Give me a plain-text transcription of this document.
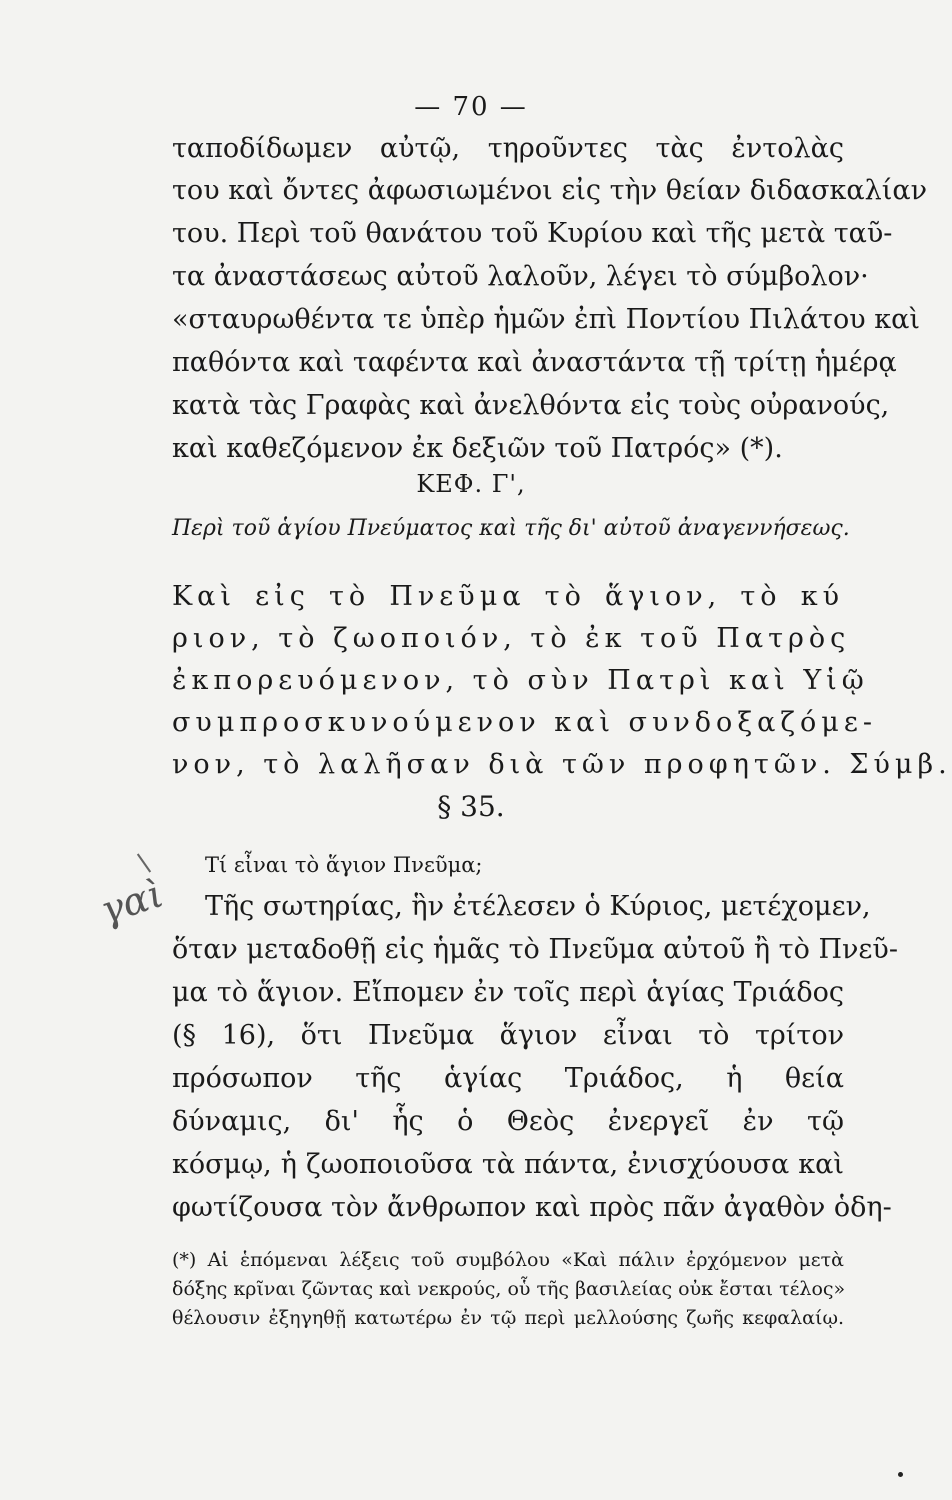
— 70 —
ταποδίδωμεν αὐτῷ, τηροῦντες τὰς ἐντολὰς
του καὶ ὄντες ἀφωσιωμένοι εἰς τὴν θείαν διδασκαλίαν
του. Περὶ τοῦ θανάτου τοῦ Κυρίου καὶ τῆς μετὰ ταῦ-
τα ἀναστάσεως αὐτοῦ λαλοῦν, λέγει τὸ σύμβολον·
«σταυρωθέντα τε ὑπὲρ ἡμῶν ἐπὶ Ποντίου Πιλάτου καὶ
παθόντα καὶ ταφέντα καὶ ἀναστάντα τῇ τρίτῃ ἡμέρᾳ
κατὰ τὰς Γραφὰς καὶ ἀνελθόντα εἰς τοὺς οὐρανούς,
καὶ καθεζόμενον ἐκ δεξιῶν τοῦ Πατρός» (*).
ΚΕΦ. Γ',
Περὶ τοῦ ἁγίου Πνεύματος καὶ τῆς δι' αὐτοῦ ἀναγεννήσεως.
Καὶ εἰς τὸ Πνεῦμα τὸ ἅγιον, τὸ κύ
ριον, τὸ ζωοποιόν, τὸ ἐκ τοῦ Πατρὸς
ἐκπορευόμενον, τὸ σὺν Πατρὶ καὶ Υἱῷ
συμπροσκυνούμενον καὶ συνδοξαζόμε-
νον, τὸ λαλῆσαν διὰ τῶν προφητῶν. Σύμβ.
§ 35.
Τί εἶναι τὸ ἅγιον Πνεῦμα;
γαὶ Τῆς σωτηρίας, ἣν ἐτέλεσεν ὁ Κύριος, μετέχομεν,
ὅταν μεταδοθῇ εἰς ἡμᾶς τὸ Πνεῦμα αὐτοῦ ἢ τὸ Πνεῦ-
μα τὸ ἅγιον. Εἴπομεν ἐν τοῖς περὶ ἁγίας Τριάδος
(§ 16), ὅτι Πνεῦμα ἅγιον εἶναι τὸ τρίτον
πρόσωπον τῆς ἁγίας Τριάδος, ἡ θεία
δύναμις, δι' ἧς ὁ Θεὸς ἐνεργεῖ ἐν τῷ
κόσμῳ, ἡ ζωοποιοῦσα τὰ πάντα, ἐνισχύουσα καὶ
φωτίζουσα τὸν ἄνθρωπον καὶ πρὸς πᾶν ἀγαθὸν ὁδη-
(*) Αἱ ἑπόμεναι λέξεις τοῦ συμβόλου «Καὶ πάλιν ἐρχόμενον μετὰ
δόξης κρῖναι ζῶντας καὶ νεκρούς, οὗ τῆς βασιλείας οὐκ ἔσται τέλος»
θέλουσιν ἐξηγηθῇ κατωτέρω ἐν τῷ περὶ μελλούσης ζωῆς κεφαλαίῳ.
